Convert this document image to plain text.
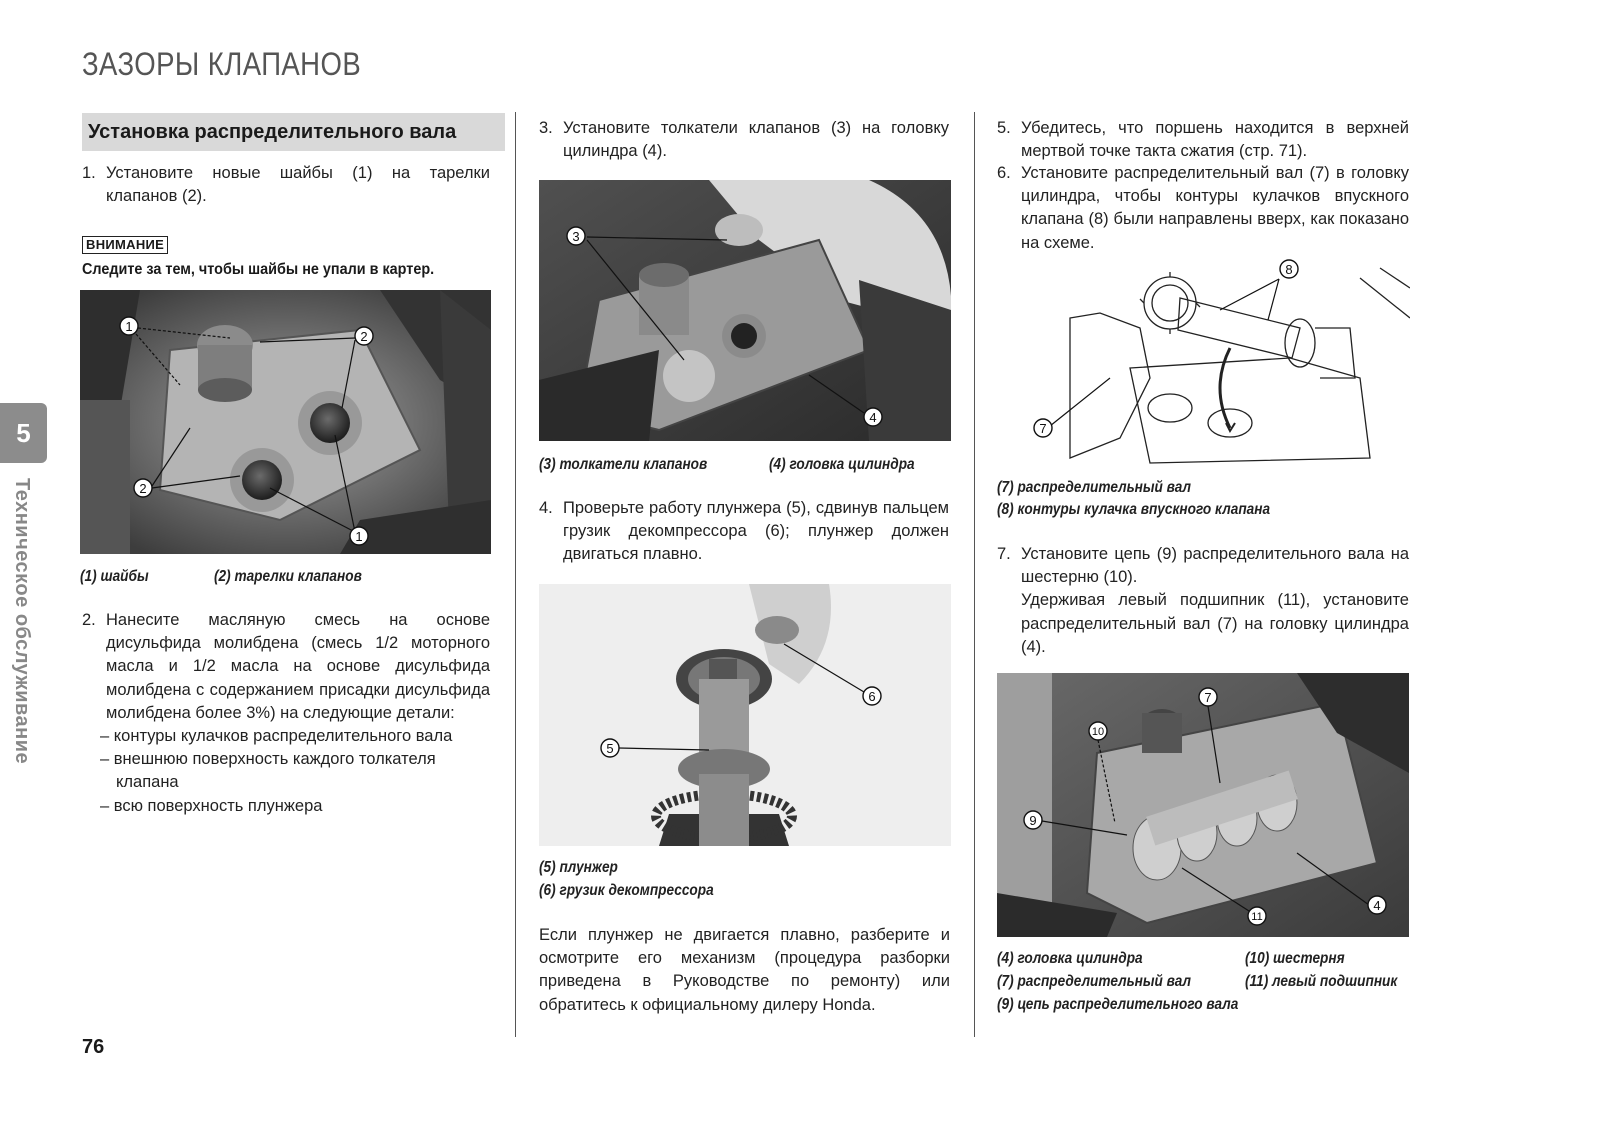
ЗАЗОРЫ КЛАПАНОВ
Установка распределительного вала
5
Техническое обслуживание
1. Установите новые шайбы (1) на тарелки клапанов (2).
ВНИМАНИЕ
Следите за тем, чтобы шайбы не упали в картер.
1
2
2
1
(1) шайбы	(2) тарелки клапанов
2. Нанесите масляную смесь на основе дисульфида молибдена (смесь 1/2 моторного масла и 1/2 масла на основе дисульфида молибдена с содержанием присадки дисульфида молибдена более 3%) на следующие детали:
– контуры кулачков распределительного вала
– внешнюю поверхность каждого толкателя клапана
– всю поверхность плунжера
3. Установите толкатели клапанов (3) на головку цилиндра (4).
3
4
(3) толкатели клапанов	(4) головка цилиндра
4. Проверьте работу плунжера (5), сдвинув пальцем грузик декомпрессора (6); плунжер должен двигаться плавно.
6
5
(5) плунжер
(6) грузик декомпрессора
Если плунжер не двигается плавно, разберите и осмотрите его механизм (процедура разборки приведена в Руководстве по ремонту) или обратитесь к официальному дилеру Honda.
5. Убедитесь, что поршень находится в верхней мертвой точке такта сжатия (стр. 71).
6. Установите распределительный вал (7) в головку цилиндра, чтобы контуры кулачков впускного клапана (8) были направлены вверх, как показано на схеме.
8
7
(7) распределительный вал
(8) контуры кулачка впускного клапана
7. Установите цепь (9) распределительного вала на шестерню (10).
Удерживая левый подшипник (11), установите распределительный вал (7) на головку цилиндра (4).
7
10
9
11
4
(4) головка цилиндра	(10) шестерня
(7) распределительный вал	(11) левый подшипник
(9) цепь распределительного вала
76
